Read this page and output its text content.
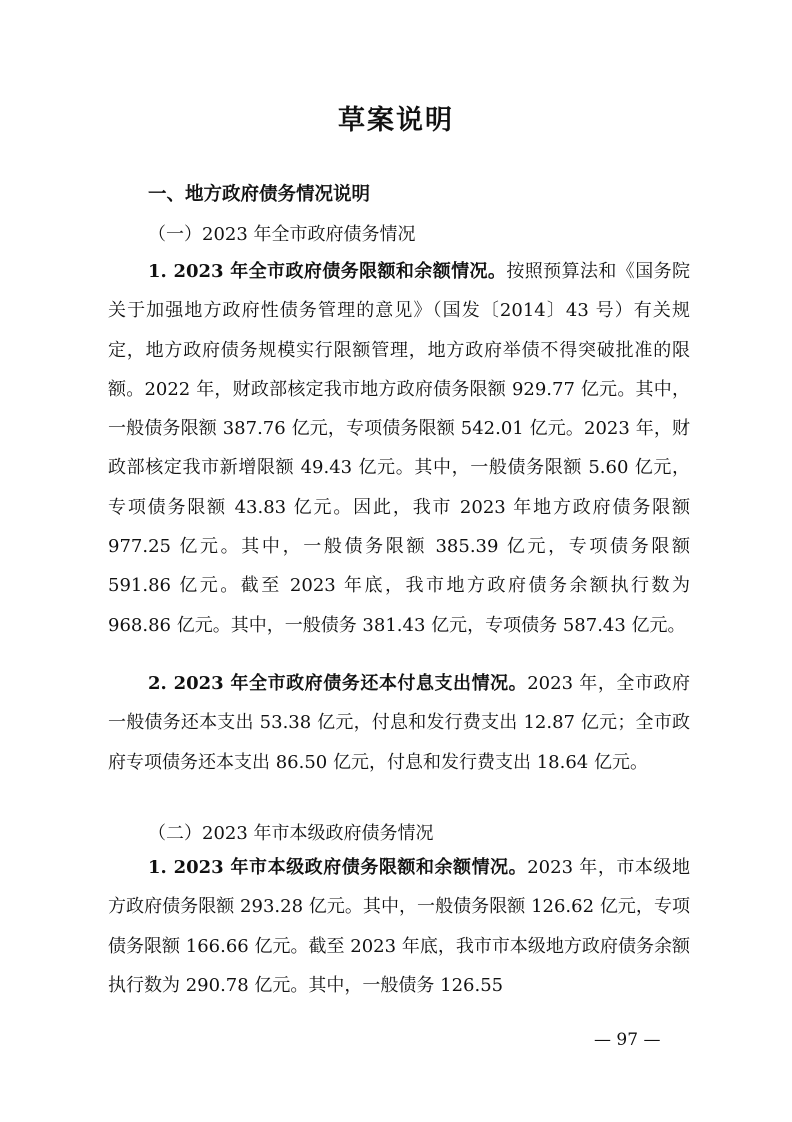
草案说明
一、地方政府债务情况说明
（一）2023 年全市政府债务情况

1. 2023 年全市政府债务限额和余额情况。按照预算法和《国务院关于加强地方政府性债务管理的意见》（国发〔2014〕43 号）有关规定，地方政府债务规模实行限额管理，地方政府举债不得突破批准的限额。2022 年，财政部核定我市地方政府债务限额 929.77 亿元。其中，一般债务限额 387.76 亿元，专项债务限额 542.01 亿元。2023 年，财政部核定我市新增限额 49.43 亿元。其中，一般债务限额 5.60 亿元，专项债务限额 43.83 亿元。因此，我市 2023 年地方政府债务限额 977.25 亿元。其中，一般债务限额 385.39 亿元，专项债务限额 591.86 亿元。截至 2023 年底，我市地方政府债务余额执行数为 968.86 亿元。其中，一般债务 381.43 亿元，专项债务 587.43 亿元。

2. 2023 年全市政府债务还本付息支出情况。2023 年，全市政府一般债务还本支出 53.38 亿元，付息和发行费支出 12.87 亿元；全市政府专项债务还本支出 86.50 亿元，付息和发行费支出 18.64 亿元。

（二）2023 年市本级政府债务情况

1. 2023 年市本级政府债务限额和余额情况。2023 年，市本级地方政府债务限额 293.28 亿元。其中，一般债务限额 126.62 亿元，专项债务限额 166.66 亿元。截至 2023 年底，我市市本级地方政府债务余额执行数为 290.78 亿元。其中，一般债务 126.55

— 97 —
